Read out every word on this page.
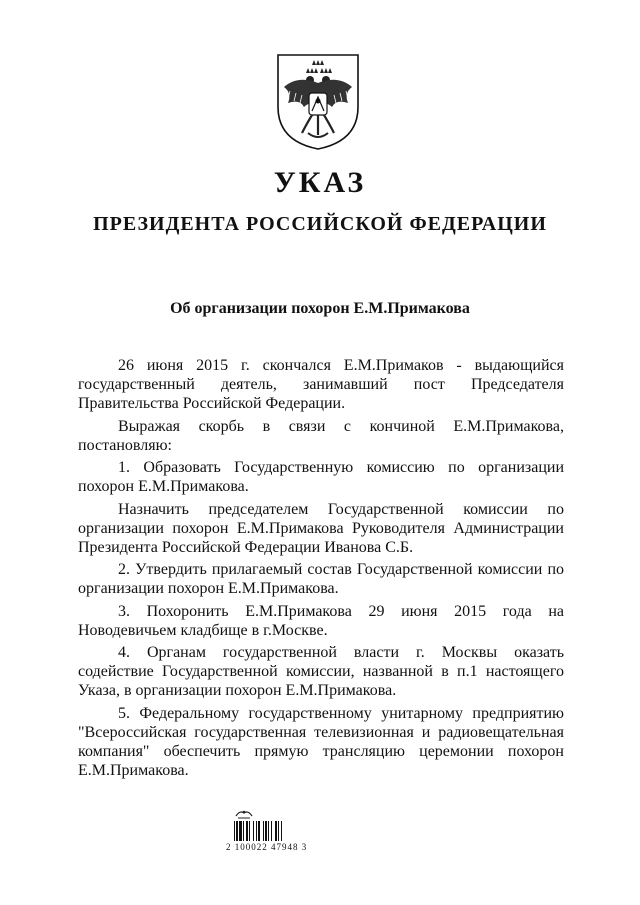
УКАЗ
ПРЕЗИДЕНТА РОССИЙСКОЙ ФЕДЕРАЦИИ
Об организации похорон Е.М.Примакова

26 июня 2015 г. скончался Е.М.Примаков - выдающийся государственный деятель, занимавший пост Председателя Правительства Российской Федерации.

Выражая скорбь в связи с кончиной Е.М.Примакова, постановляю:

1. Образовать Государственную комиссию по организации похорон Е.М.Примакова.

Назначить председателем Государственной комиссии по организации похорон Е.М.Примакова Руководителя Администрации Президента Российской Федерации Иванова С.Б.

2. Утвердить прилагаемый состав Государственной комиссии по организации похорон Е.М.Примакова.

3. Похоронить Е.М.Примакова 29 июня 2015 года на Новодевичьем кладбище в г.Москве.

4. Органам государственной власти г. Москвы оказать содействие Государственной комиссии, названной в п.1 настоящего Указа, в организации похорон Е.М.Примакова.

5. Федеральному государственному унитарному предприятию "Всероссийская государственная телевизионная и радиовещательная компания" обеспечить прямую трансляцию церемонии похорон Е.М.Примакова.

2 100022 47948 3
